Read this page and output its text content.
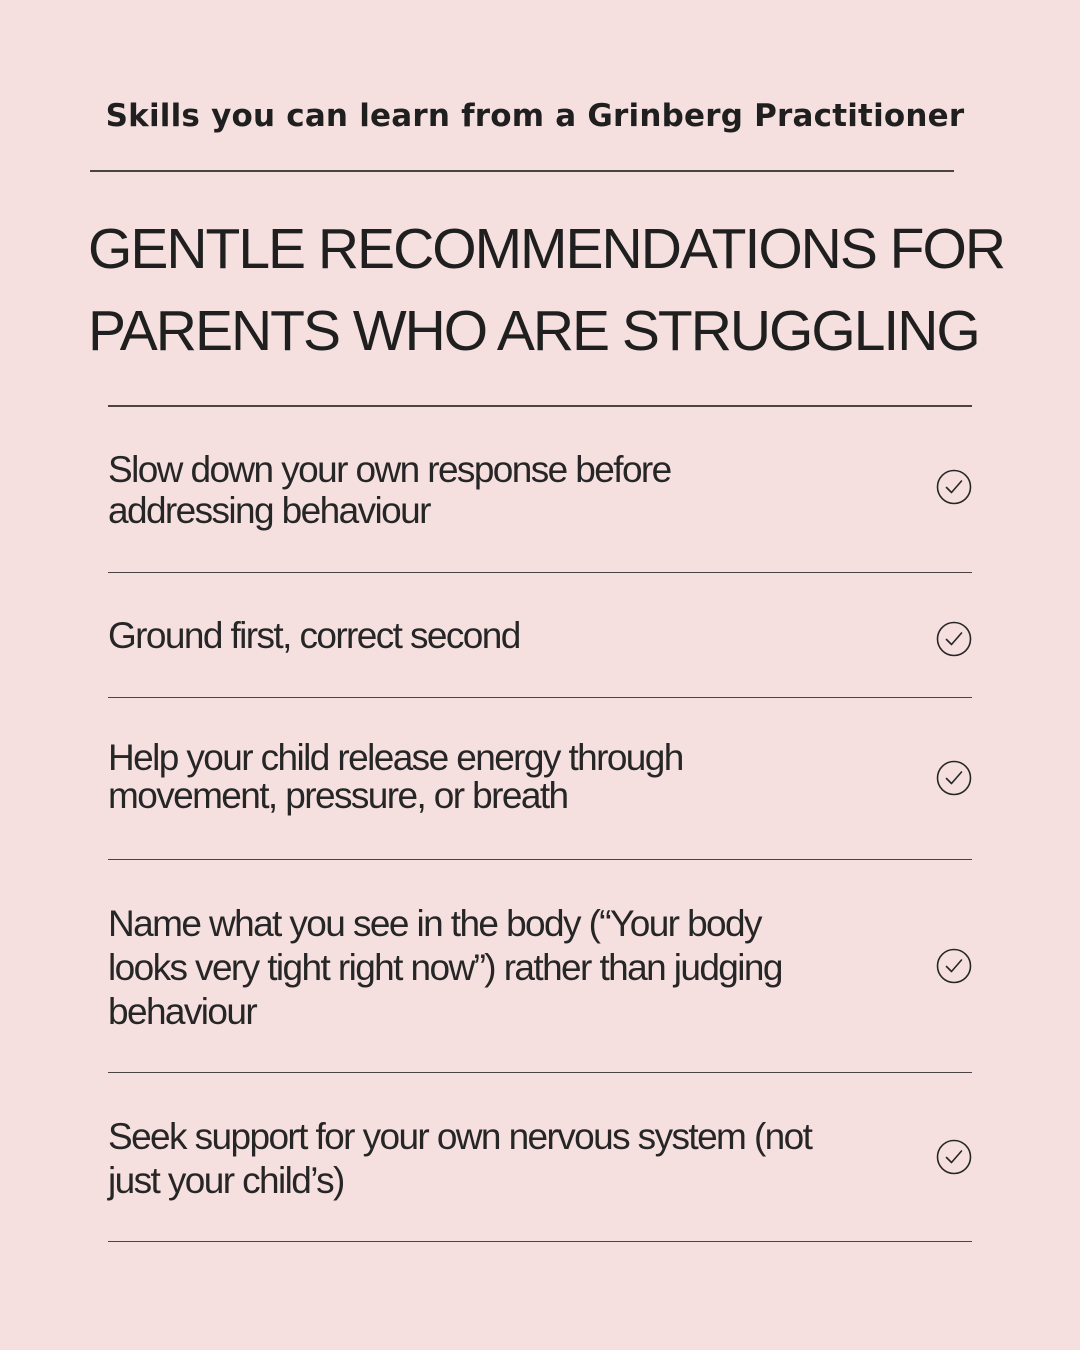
Skills you can learn from a Grinberg Practitioner
GENTLE RECOMMENDATIONS FOR
PARENTS WHO ARE STRUGGLING

Slow down your own response before
addressing behaviour

Ground first, correct second

Help your child release energy through
movement, pressure, or breath

Name what you see in the body (“Your body
looks very tight right now”) rather than judging
behaviour

Seek support for your own nervous system (not
just your child’s)
